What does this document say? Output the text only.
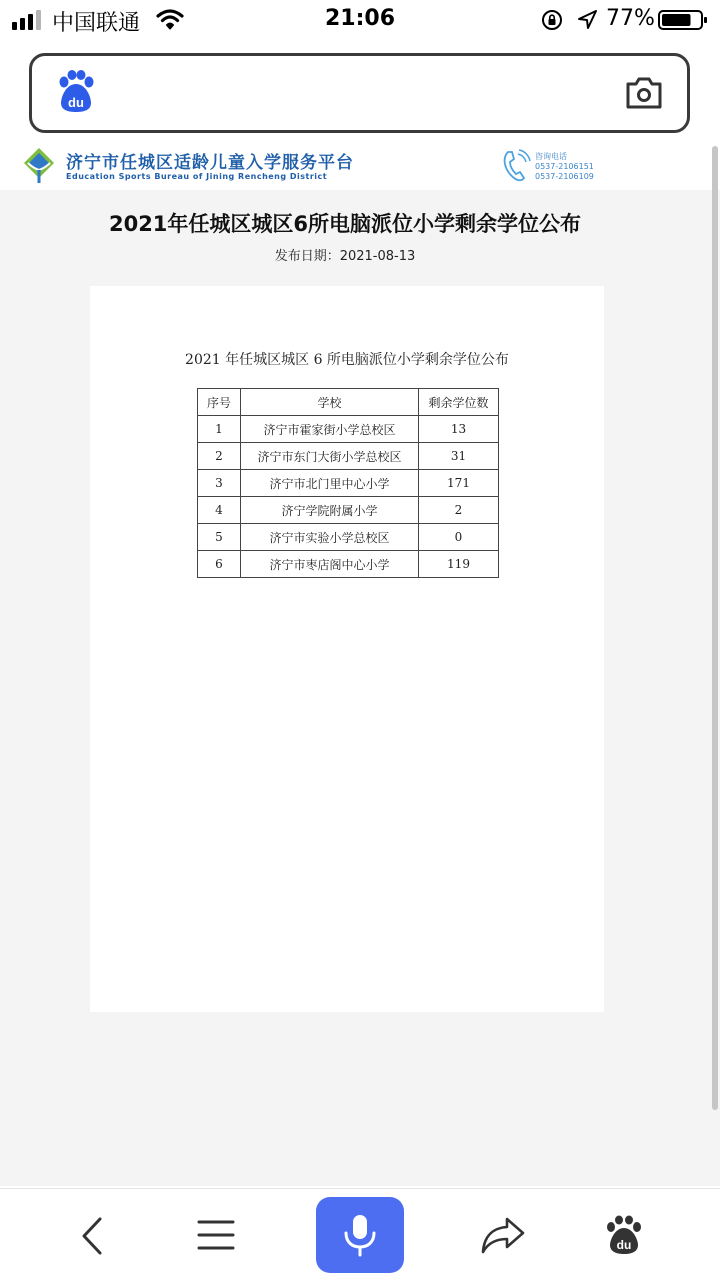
中国联通	21:06	77%
du
济宁市任城区适龄儿童入学服务平台
Education Sports Bureau of Jining Rencheng District
咨询电话
0537-2106151
0537-2106109
2021年任城区城区6所电脑派位小学剩余学位公布
发布日期：2021-08-13
2021 年任城区城区 6 所电脑派位小学剩余学位公布
序号	学校	剩余学位数
1	济宁市霍家街小学总校区	13
2	济宁市东门大街小学总校区	31
3	济宁市北门里中心小学	171
4	济宁学院附属小学	2
5	济宁市实验小学总校区	0
6	济宁市枣店阁中心小学	119
du
